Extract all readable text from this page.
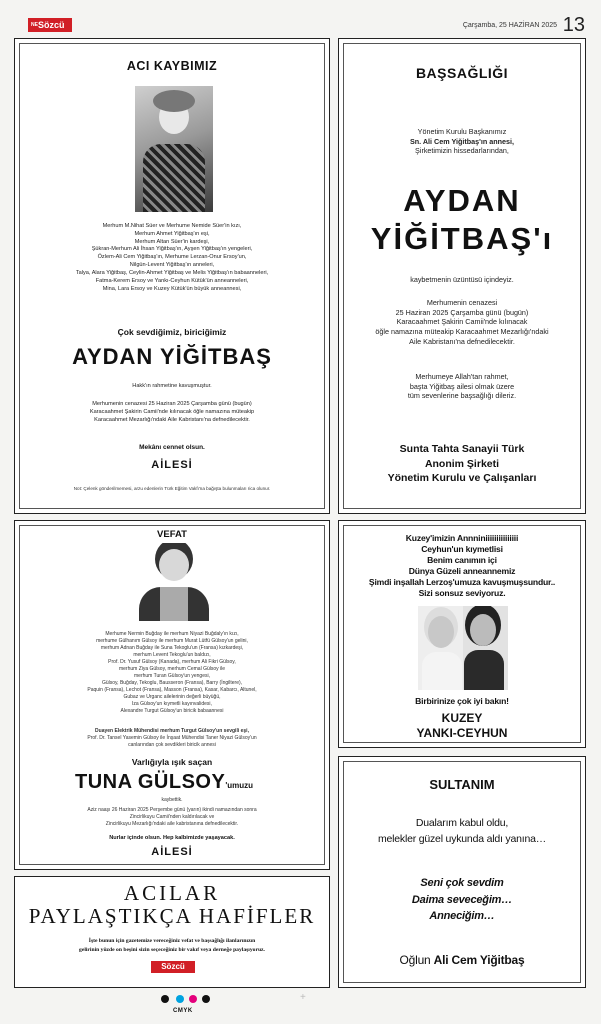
$^{NE}$Sözcü	Çarşamba, 25 HAZİRAN 2025 13
ACI KAYBIMIZ
Merhum M.Nihat Süer ve Merhume Nemide Süer'in kızı,
Merhum Ahmet Yiğitbaş'ın eşi,
Merhum Altan Süer'in kardeşi,
Şükran-Merhum Ali İhsan Yiğitbaş'ın, Ayşen Yiğitbaş'ın yengeleri,
Özlem-Ali Cem Yiğitbaş'ın, Merhume Lerzan-Onur Ersoy'un,
Nilgün-Levent Yiğitbaş'ın anneleri,
Talya, Alara Yiğitbaş, Ceylin-Ahmet Yiğitbaş ve Melis Yiğitbaş'ın babaanneleri,
Fatma-Kerem Ersoy ve Yankı-Ceyhun Kütük'ün anneanneleri,
Mina, Lara Ersoy ve Kuzey Kütük'ün büyük anneannesi,
Çok sevdiğimiz, biriciğimiz
AYDAN YİĞİTBAŞ
Hakk'ın rahmetine kavuşmuştur.
Merhumenin cenazesi 25 Haziran 2025 Çarşamba günü (bugün)
Karacaahmet Şakirin Camii'nde kılınacak öğle namazına müteakip
Karacaahmet Mezarlığı'ndaki Aile Kabristanı'na defnedilecektir.
Mekânı cennet olsun.
AİLESİ
Not: Çelenk gönderilmemesi, arzu edenlerin Türk Eğitim Vakfı'na bağışta bulunmaları rica olunur.
BAŞSAĞLIĞI
Yönetim Kurulu Başkanımız
Sn. Ali Cem Yiğitbaş'ın annesi,
Şirketimizin hissedarlarından,
AYDAN
YİĞİTBAŞ'ı
kaybetmenin üzüntüsü içindeyiz.
Merhumenin cenazesi
25 Haziran 2025 Çarşamba günü (bugün)
Karacaahmet Şakirin Camii'nde kılınacak
öğle namazına müteakip Karacaahmet Mezarlığı'ndaki
Aile Kabristanı'na defnedilecektir.
Merhumeye Allah'tan rahmet,
başta Yiğitbaş ailesi olmak üzere
tüm sevenlerine başsağlığı dileriz.
Sunta Tahta Sanayii Türk
Anonim Şirketi
Yönetim Kurulu ve Çalışanları
VEFAT
Merhume Nermin Buğday ile merhum Niyazi Buğdaly'ın kızı,
merhume Gülhanım Gülsoy ile merhum Murat Lütfü Gülsoy'un gelini,
merhum Adnan Buğday ile Suna Tekoglu'un (Fransa) kızkardeşi,
merhum Levent Tekoglu'un baldızı,
Prof. Dr. Yusuf Gülsoy (Kanada), merhum Ali Fikri Gülsoy,
merhum Ziya Gülsoy, merhum Cemal Gülsoy ile
merhum Turan Gülsoy'un yengesi,
Gülsoy, Buğday, Tekoglu, Bausseron (Fransa), Barry (İngiltere),
Paquin (Fransa), Lechot (Fransa), Masson (Fransa), Kasar, Kabarcı, Altunel,
Gubaz ve Urganc ailelerinin değerli büyüğü,
Iza Gülsoy'un kıymetli kayınvalidesi,
Alexandre Turgut Gülsoy'un biricik babaannesi
Duayen Elektrik Mühendisi merhum Turgut Gülsoy'un sevgili eşi,
Prof. Dr. Tansel Yasemin Gülsoy ile İnşaat Mühendisi Taner Niyazi Gülsoy'un
canlarından çok sevdikleri biricik annesi
Varlığıyla ışık saçan
TUNA GÜLSOY'umuzu
kaybettik.
Aziz naaşı 26 Haziran 2025 Perşembe günü (yarın) ikindi namazından sonra
Zincirlikuyu Camii'nden kaldırılacak ve
Zincirlikuyu Mezarlığı'ndaki aile kabristanına defnedilecektir.
Nurlar içinde olsun. Hep kalbimizde yaşayacak.
AİLESİ
Kuzey'imizin Annniniiiiiiiiiiiiiii
Ceyhun'un kıymetlisi
Benim canımın içi
Dünya Güzeli anneannemiz
Şimdi inşallah Lerzoş'umuza kavuşmuşsundur..
Sizi sonsuz seviyoruz.
Birbirinize çok iyi bakın!
KUZEY
YANKI-CEYHUN
SULTANIM
Dualarım kabul oldu,
melekler güzel uykunda aldı yanına…
Seni çok sevdim
Daima seveceğim…
Anneciğim…
Oğlun Ali Cem Yiğitbaş
ACILAR
PAYLAŞTIKÇA HAFİFLER
İşte bunun için gazetemize vereceğiniz vefat ve başsağlığı ilanlarınızın
gelirinin yüzde on beşini sizin seçeceğiniz bir vakıf veya derneğe paylaşıyoruz.
Sözcü
+
CMYK
